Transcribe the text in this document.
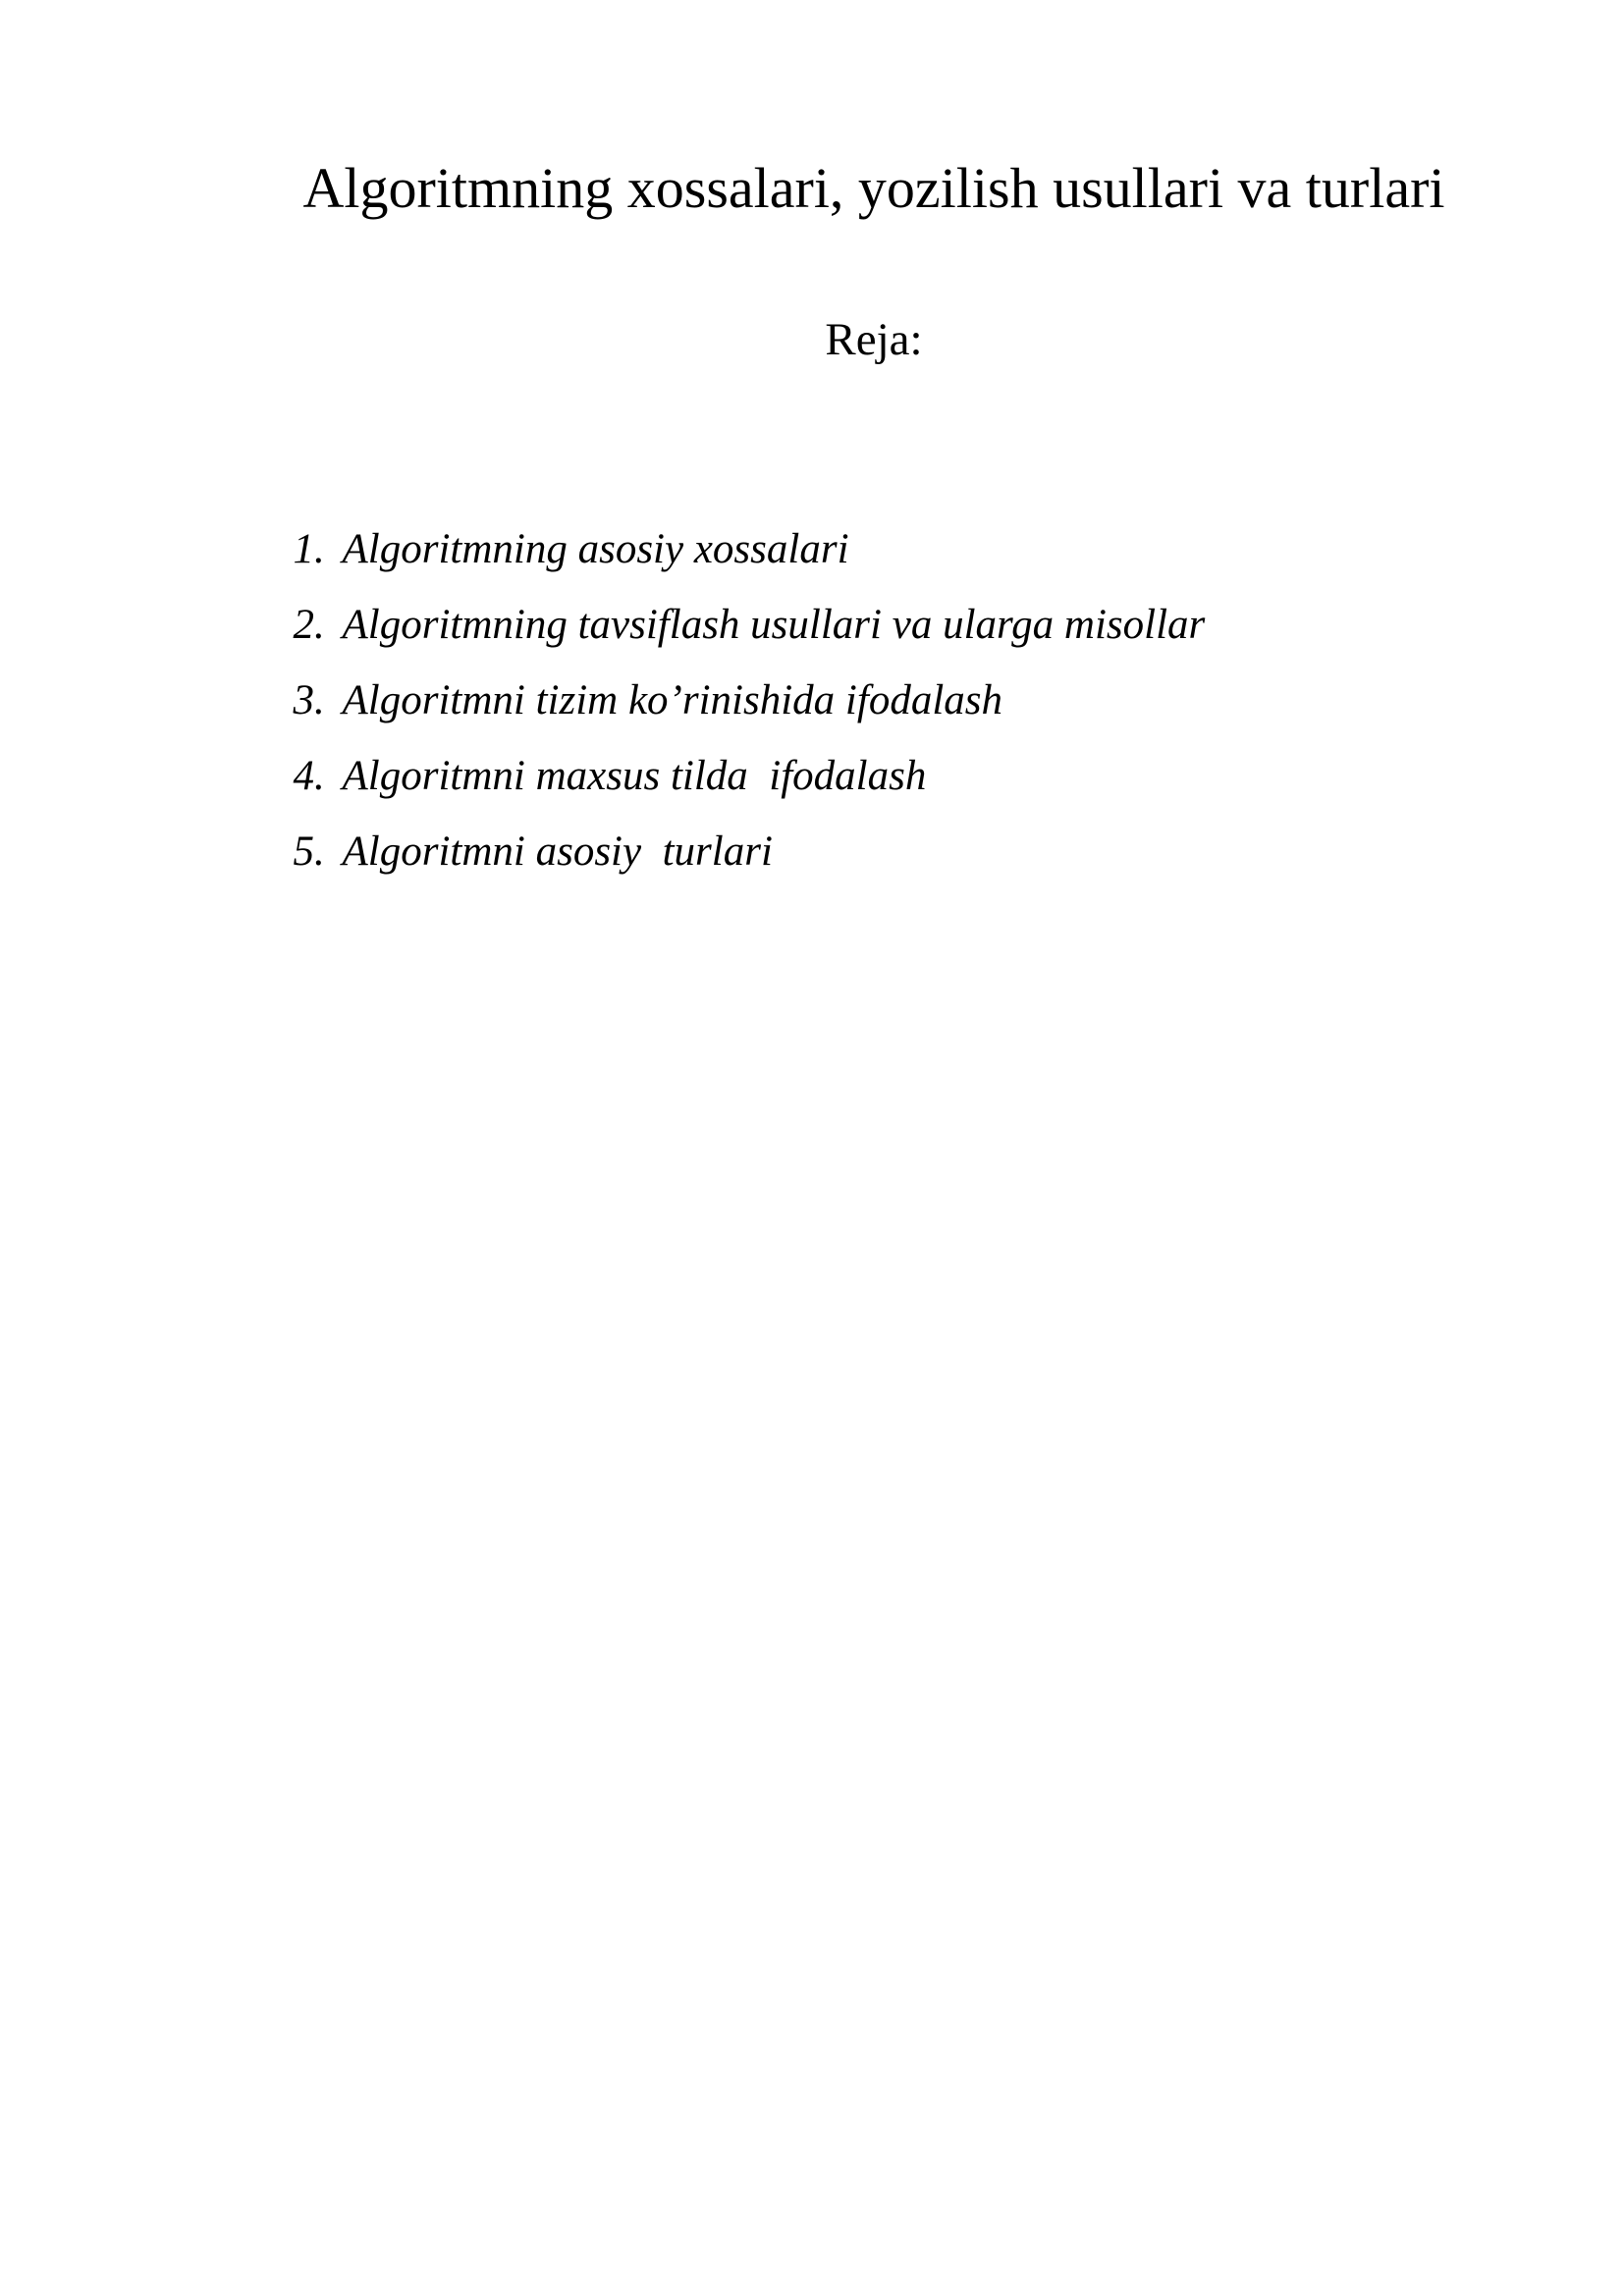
Algoritmning xossalari, yozilish usullari va turlari
Reja:

1. Algoritmning asosiy xossalari

2. Algoritmning tavsiflash usullari va ularga misollar

3. Algoritmni tizim ko’rinishida ifodalash

4. Algoritmni maxsus tilda  ifodalash

5. Algoritmni asosiy  turlari
